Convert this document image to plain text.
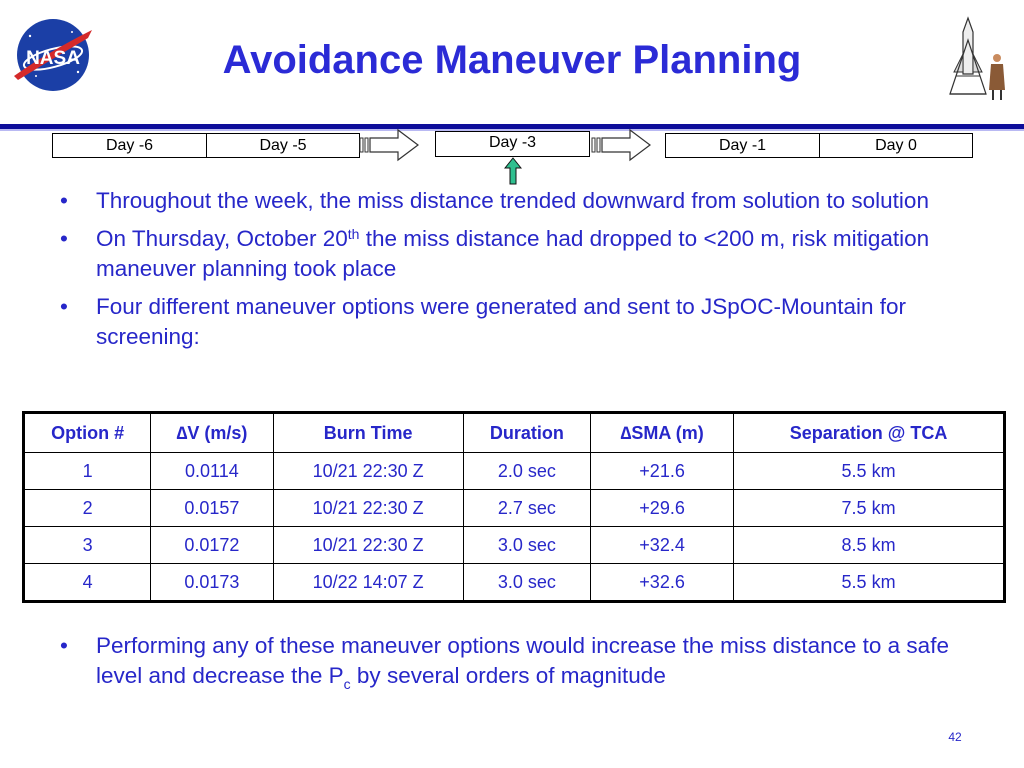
NASA	Avoidance Maneuver Planning
Day -6	Day -5	Day -3	Day -1	Day 0
• Throughout the week, the miss distance trended downward from solution to solution
• On Thursday, October 20th the miss distance had dropped to <200 m, risk mitigation maneuver planning took place
• Four different maneuver options were generated and sent to JSpOC-Mountain for screening:
Option #	∆V (m/s)	Burn Time	Duration	∆SMA (m)	Separation @ TCA
1	0.0114	10/21 22:30 Z	2.0 sec	+21.6	5.5 km
2	0.0157	10/21 22:30 Z	2.7 sec	+29.6	7.5 km
3	0.0172	10/21 22:30 Z	3.0 sec	+32.4	8.5 km
4	0.0173	10/22 14:07 Z	3.0 sec	+32.6	5.5 km
• Performing any of these maneuver options would increase the miss distance to a safe level and decrease the $P_c$ by several orders of magnitude
42
